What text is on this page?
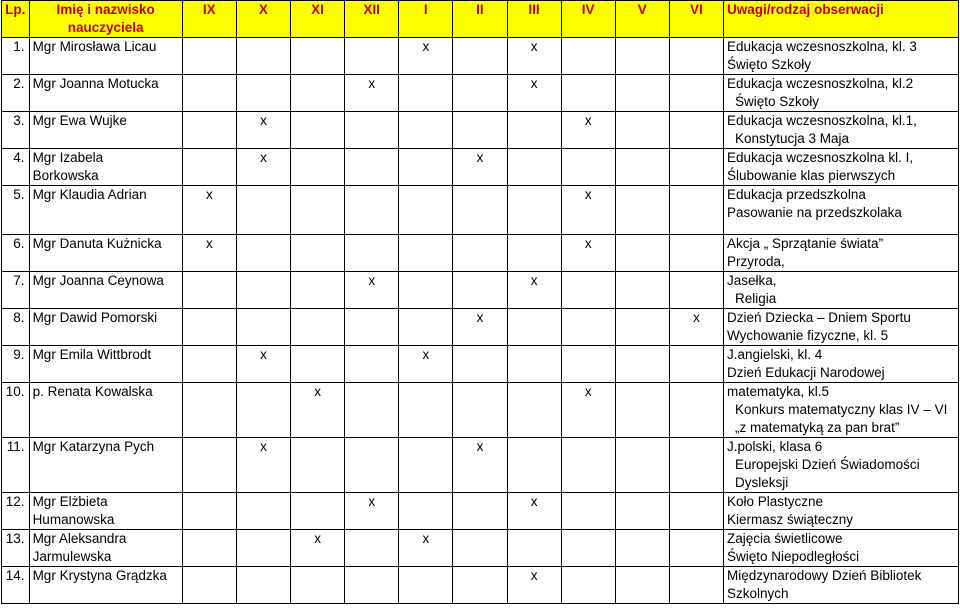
Lp.	Imię i nazwisko
nauczyciela	IX	X	XI	XII	I	II	III	IV	V	VI	Uwagi/rodzaj obserwacji
1.	Mgr Mirosława Licau					x		x				Edukacja wczesnoszkolna, kl. 3
Święto Szkoły

2.	Mgr Joanna Motucka				x			x				Edukacja wczesnoszkolna, kl.2
Święto Szkoły

3.	Mgr Ewa Wujke		x						x			Edukacja wczesnoszkolna, kl.1,
Konstytucja 3 Maja

4.	Mgr Izabela
Borkowska		x				x					Edukacja wczesnoszkolna kl. I,
Ślubowanie klas pierwszych

5.	Mgr Klaudia Adrian	x							x			Edukacja przedszkolna
Pasowanie na przedszkolaka

6.	Mgr Danuta Kużnicka	x							x			Akcja „ Sprzątanie świata”
Przyroda,

7.	Mgr Joanna Ceynowa				x			x				Jasełka,
Religia

8.	Mgr Dawid Pomorski						x				x	Dzień Dziecka – Dniem Sportu
Wychowanie fizyczne, kl. 5

9.	Mgr Emila Wittbrodt		x			x						J.angielski, kl. 4
Dzień Edukacji Narodowej

10.	p. Renata Kowalska			x					x			matematyka, kl.5
Konkurs matematyczny klas IV – VI
„z matematyką za pan brat”

11.	Mgr Katarzyna Pych		x				x					J.polski, klasa 6
Europejski Dzień Świadomości
Dysleksji

12.	Mgr Elżbieta
Humanowska				x			x				Koło Plastyczne
Kiermasz świąteczny

13.	Mgr Aleksandra
Jarmulewska			x		x						Zajęcia świetlicowe
Święto Niepodległości

14.	Mgr Krystyna Grądzka							x				Międzynarodowy Dzień Bibliotek
Szkolnych
